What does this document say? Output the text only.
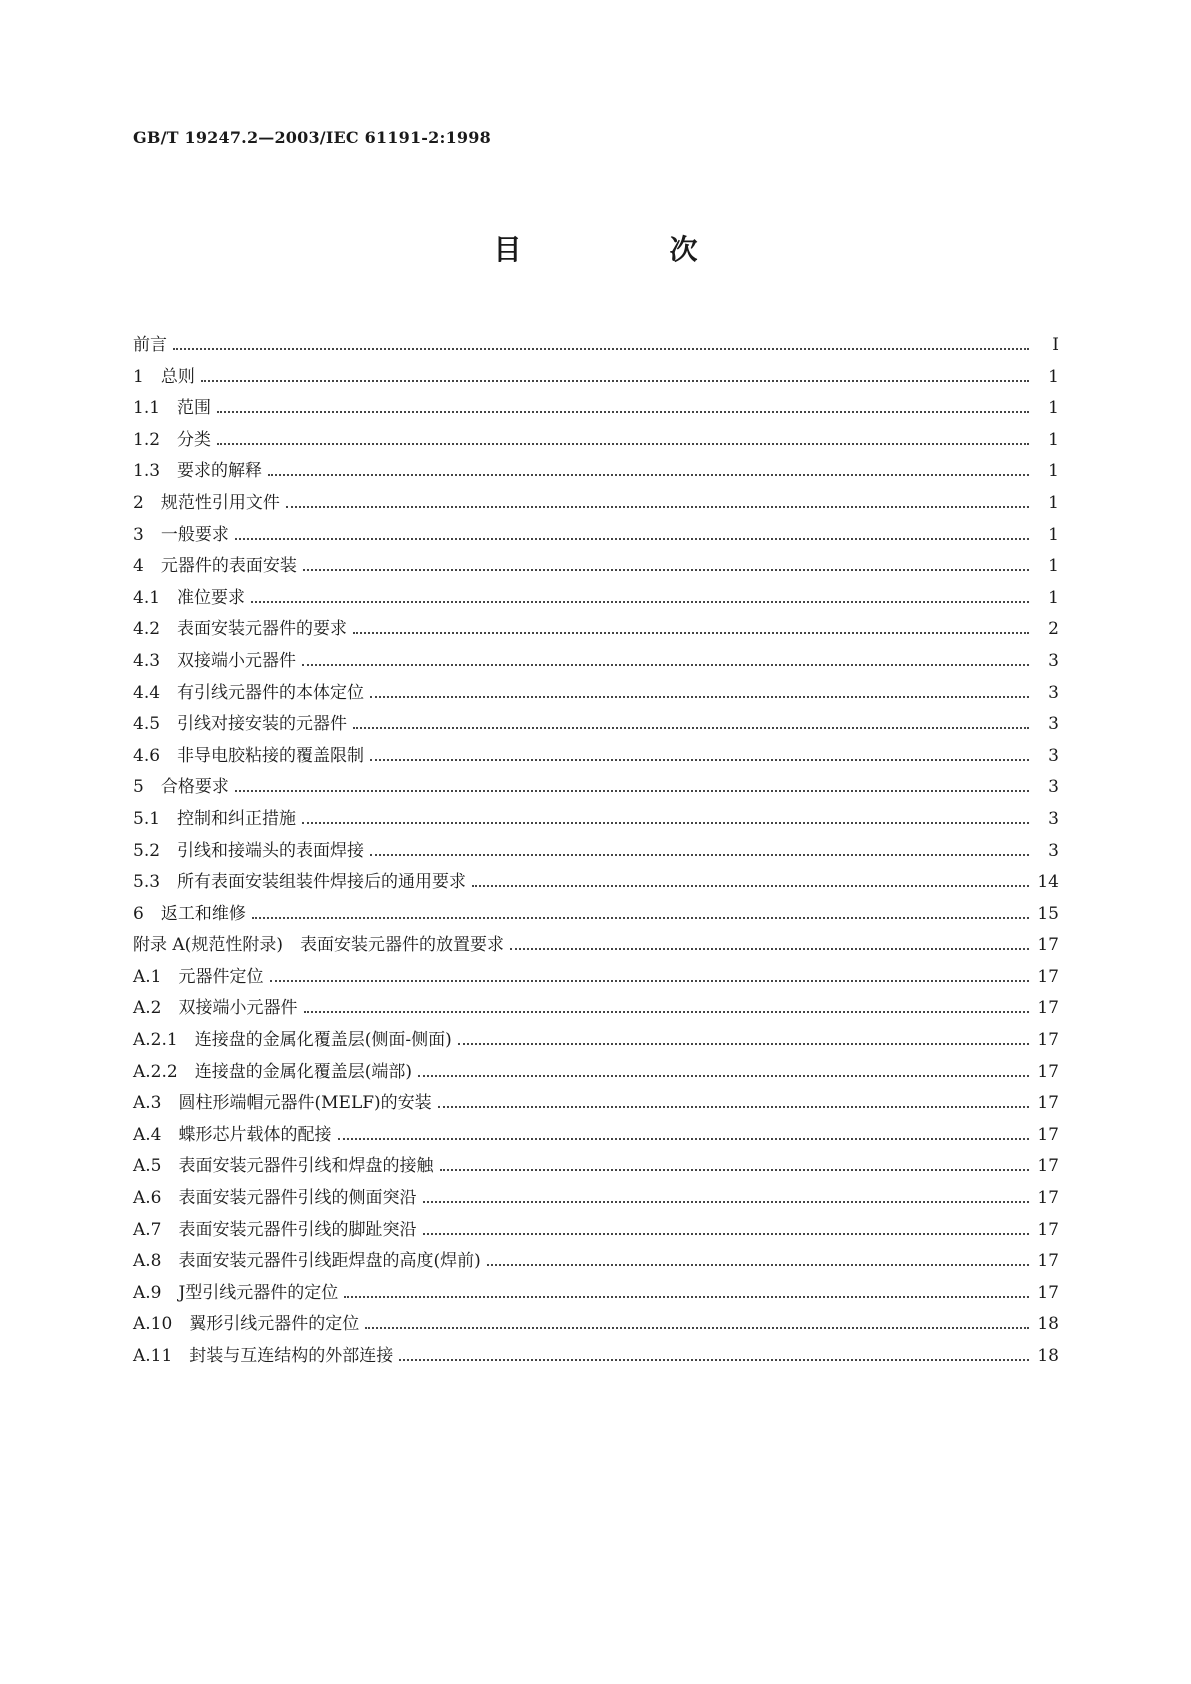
GB/T 19247.2—2003/IEC 61191-2:1998
目　次
前言	I
1　总则	1
1.1　范围	1
1.2　分类	1
1.3　要求的解释	1
2　规范性引用文件	1
3　一般要求	1
4　元器件的表面安装	1
4.1　准位要求	1
4.2　表面安装元器件的要求	2
4.3　双接端小元器件	3
4.4　有引线元器件的本体定位	3
4.5　引线对接安装的元器件	3
4.6　非导电胶粘接的覆盖限制	3
5　合格要求	3
5.1　控制和纠正措施	3
5.2　引线和接端头的表面焊接	3
5.3　所有表面安装组装件焊接后的通用要求	14
6　返工和维修	15
附录 A(规范性附录)　表面安装元器件的放置要求	17
A.1　元器件定位	17
A.2　双接端小元器件	17
A.2.1　连接盘的金属化覆盖层(侧面-侧面)	17
A.2.2　连接盘的金属化覆盖层(端部)	17
A.3　圆柱形端帽元器件(MELF)的安装	17
A.4　蝶形芯片载体的配接	17
A.5　表面安装元器件引线和焊盘的接触	17
A.6　表面安装元器件引线的侧面突沿	17
A.7　表面安装元器件引线的脚趾突沿	17
A.8　表面安装元器件引线距焊盘的高度(焊前)	17
A.9　J型引线元器件的定位	17
A.10　翼形引线元器件的定位	18
A.11　封装与互连结构的外部连接	18
